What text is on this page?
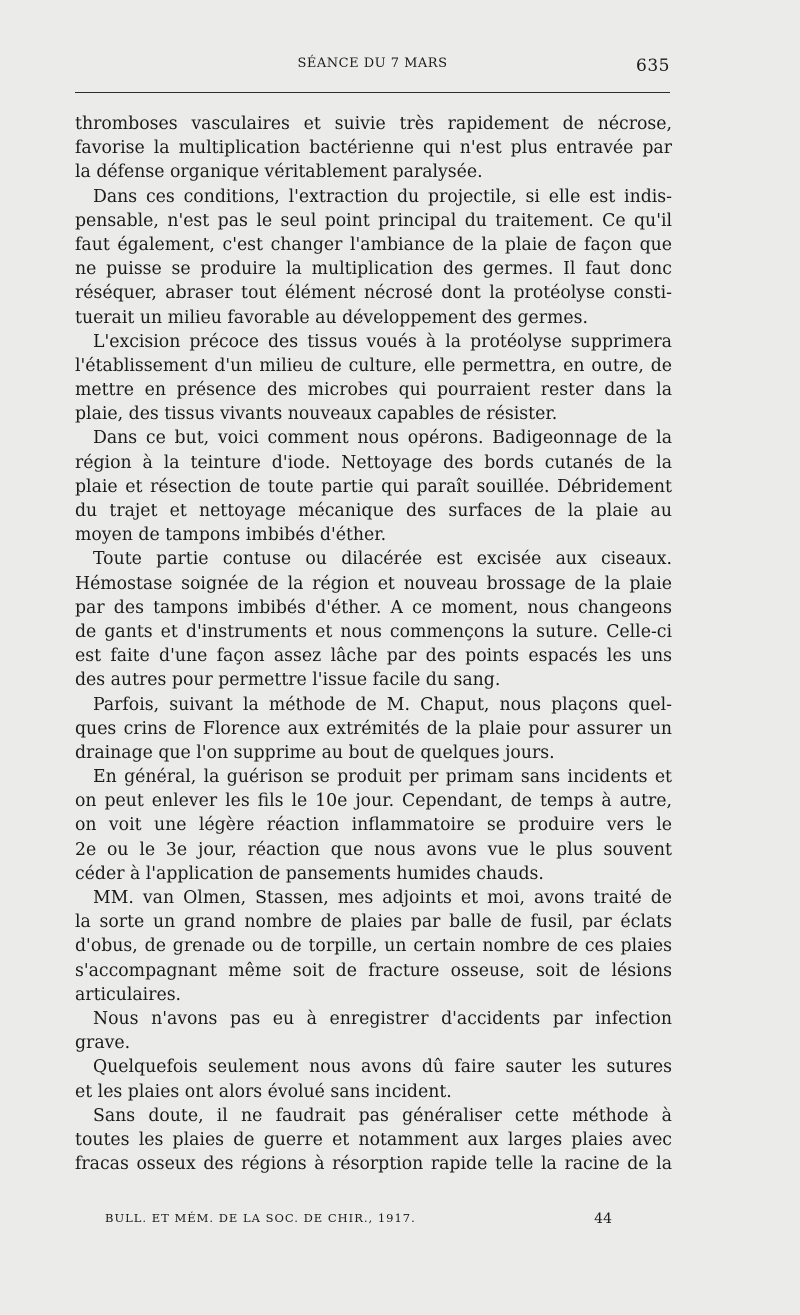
SÉANCE DU 7 MARS	635
thromboses vasculaires et suivie très rapidement de nécrose,
favorise la multiplication bactérienne qui n'est plus entravée par
la défense organique véritablement paralysée.
Dans ces conditions, l'extraction du projectile, si elle est indis-
pensable, n'est pas le seul point principal du traitement. Ce qu'il
faut également, c'est changer l'ambiance de la plaie de façon que
ne puisse se produire la multiplication des germes. Il faut donc
réséquer, abraser tout élément nécrosé dont la protéolyse consti-
tuerait un milieu favorable au développement des germes.
L'excision précoce des tissus voués à la protéolyse supprimera
l'établissement d'un milieu de culture, elle permettra, en outre, de
mettre en présence des microbes qui pourraient rester dans la
plaie, des tissus vivants nouveaux capables de résister.
Dans ce but, voici comment nous opérons. Badigeonnage de la
région à la teinture d'iode. Nettoyage des bords cutanés de la
plaie et résection de toute partie qui paraît souillée. Débridement
du trajet et nettoyage mécanique des surfaces de la plaie au
moyen de tampons imbibés d'éther.
Toute partie contuse ou dilacérée est excisée aux ciseaux.
Hémostase soignée de la région et nouveau brossage de la plaie
par des tampons imbibés d'éther. A ce moment, nous changeons
de gants et d'instruments et nous commençons la suture. Celle-ci
est faite d'une façon assez lâche par des points espacés les uns
des autres pour permettre l'issue facile du sang.
Parfois, suivant la méthode de M. Chaput, nous plaçons quel-
ques crins de Florence aux extrémités de la plaie pour assurer un
drainage que l'on supprime au bout de quelques jours.
En général, la guérison se produit per primam sans incidents et
on peut enlever les fils le 10e jour. Cependant, de temps à autre,
on voit une légère réaction inflammatoire se produire vers le
2e ou le 3e jour, réaction que nous avons vue le plus souvent
céder à l'application de pansements humides chauds.
MM. van Olmen, Stassen, mes adjoints et moi, avons traité de
la sorte un grand nombre de plaies par balle de fusil, par éclats
d'obus, de grenade ou de torpille, un certain nombre de ces plaies
s'accompagnant même soit de fracture osseuse, soit de lésions
articulaires.
Nous n'avons pas eu à enregistrer d'accidents par infection
grave.
Quelquefois seulement nous avons dû faire sauter les sutures
et les plaies ont alors évolué sans incident.
Sans doute, il ne faudrait pas généraliser cette méthode à
toutes les plaies de guerre et notamment aux larges plaies avec
fracas osseux des régions à résorption rapide telle la racine de la
BULL. ET MÉM. DE LA SOC. DE CHIR., 1917.	44
